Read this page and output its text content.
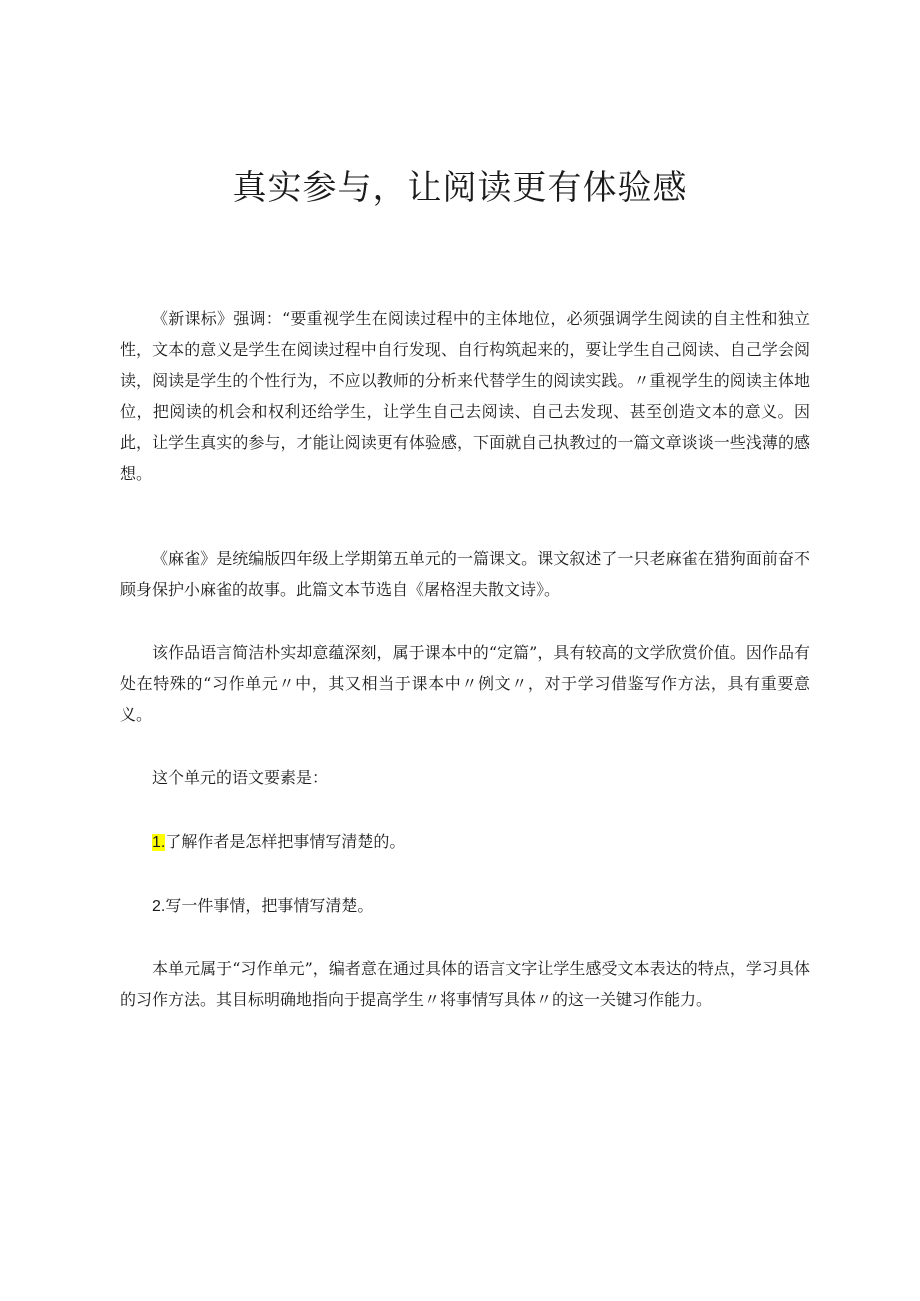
真实参与，让阅读更有体验感

《新课标》强调：“要重视学生在阅读过程中的主体地位，必须强调学生阅读的自主性和独立性，文本的意义是学生在阅读过程中自行发现、自行构筑起来的，要让学生自己阅读、自己学会阅读，阅读是学生的个性行为，不应以教师的分析来代替学生的阅读实践。〃重视学生的阅读主体地位，把阅读的机会和权利还给学生，让学生自己去阅读、自己去发现、甚至创造文本的意义。因此，让学生真实的参与，才能让阅读更有体验感，下面就自己执教过的一篇文章谈谈一些浅薄的感想。

《麻雀》是统编版四年级上学期第五单元的一篇课文。课文叙述了一只老麻雀在猎狗面前奋不顾身保护小麻雀的故事。此篇文本节选自《屠格涅夫散文诗》。

该作品语言简洁朴实却意蕴深刻，属于课本中的“定篇”，具有较高的文学欣赏价值。因作品有处在特殊的“习作单元〃中，其又相当于课本中〃例文〃，对于学习借鉴写作方法，具有重要意义。

这个单元的语文要素是：

1.了解作者是怎样把事情写清楚的。

2.写一件事情，把事情写清楚。

本单元属于“习作单元”，编者意在通过具体的语言文字让学生感受文本表达的特点，学习具体的习作方法。其目标明确地指向于提高学生〃将事情写具体〃的这一关键习作能力。
